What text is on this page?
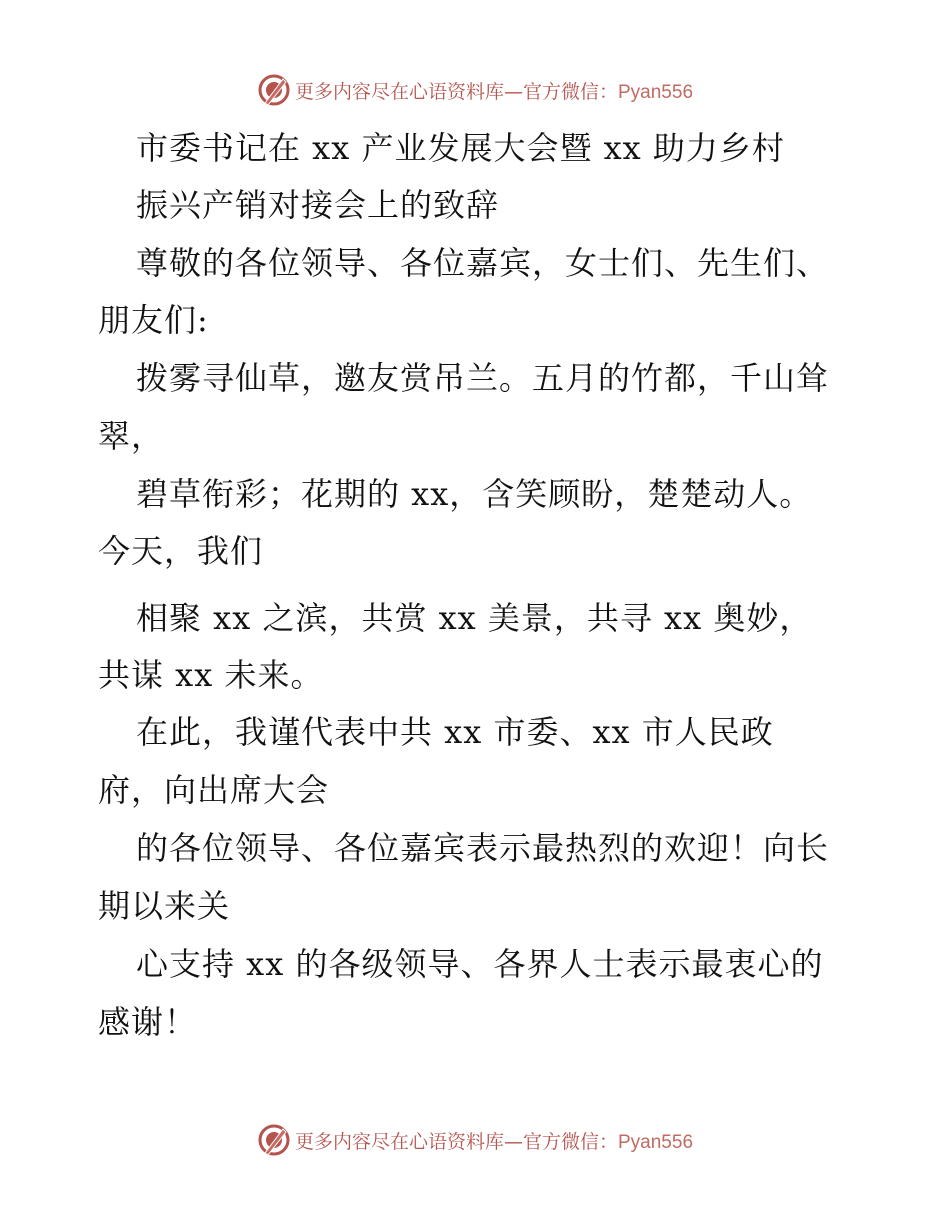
更多内容尽在心语资料库—官方微信：Pyan556
市委书记在 xx 产业发展大会暨 xx 助力乡村
振兴产销对接会上的致辞
尊敬的各位领导、各位嘉宾，女士们、先生们、
朋友们:
拨雾寻仙草，邀友赏吊兰。五月的竹都，千山耸
翠，
碧草衔彩；花期的 xx，含笑顾盼，楚楚动人。
今天，我们
相聚 xx 之滨，共赏 xx 美景，共寻 xx 奥妙，
共谋 xx 未来。
在此，我谨代表中共 xx 市委、xx 市人民政
府，向出席大会
的各位领导、各位嘉宾表示最热烈的欢迎！向长
期以来关
心支持 xx 的各级领导、各界人士表示最衷心的
感谢！
更多内容尽在心语资料库—官方微信：Pyan556
